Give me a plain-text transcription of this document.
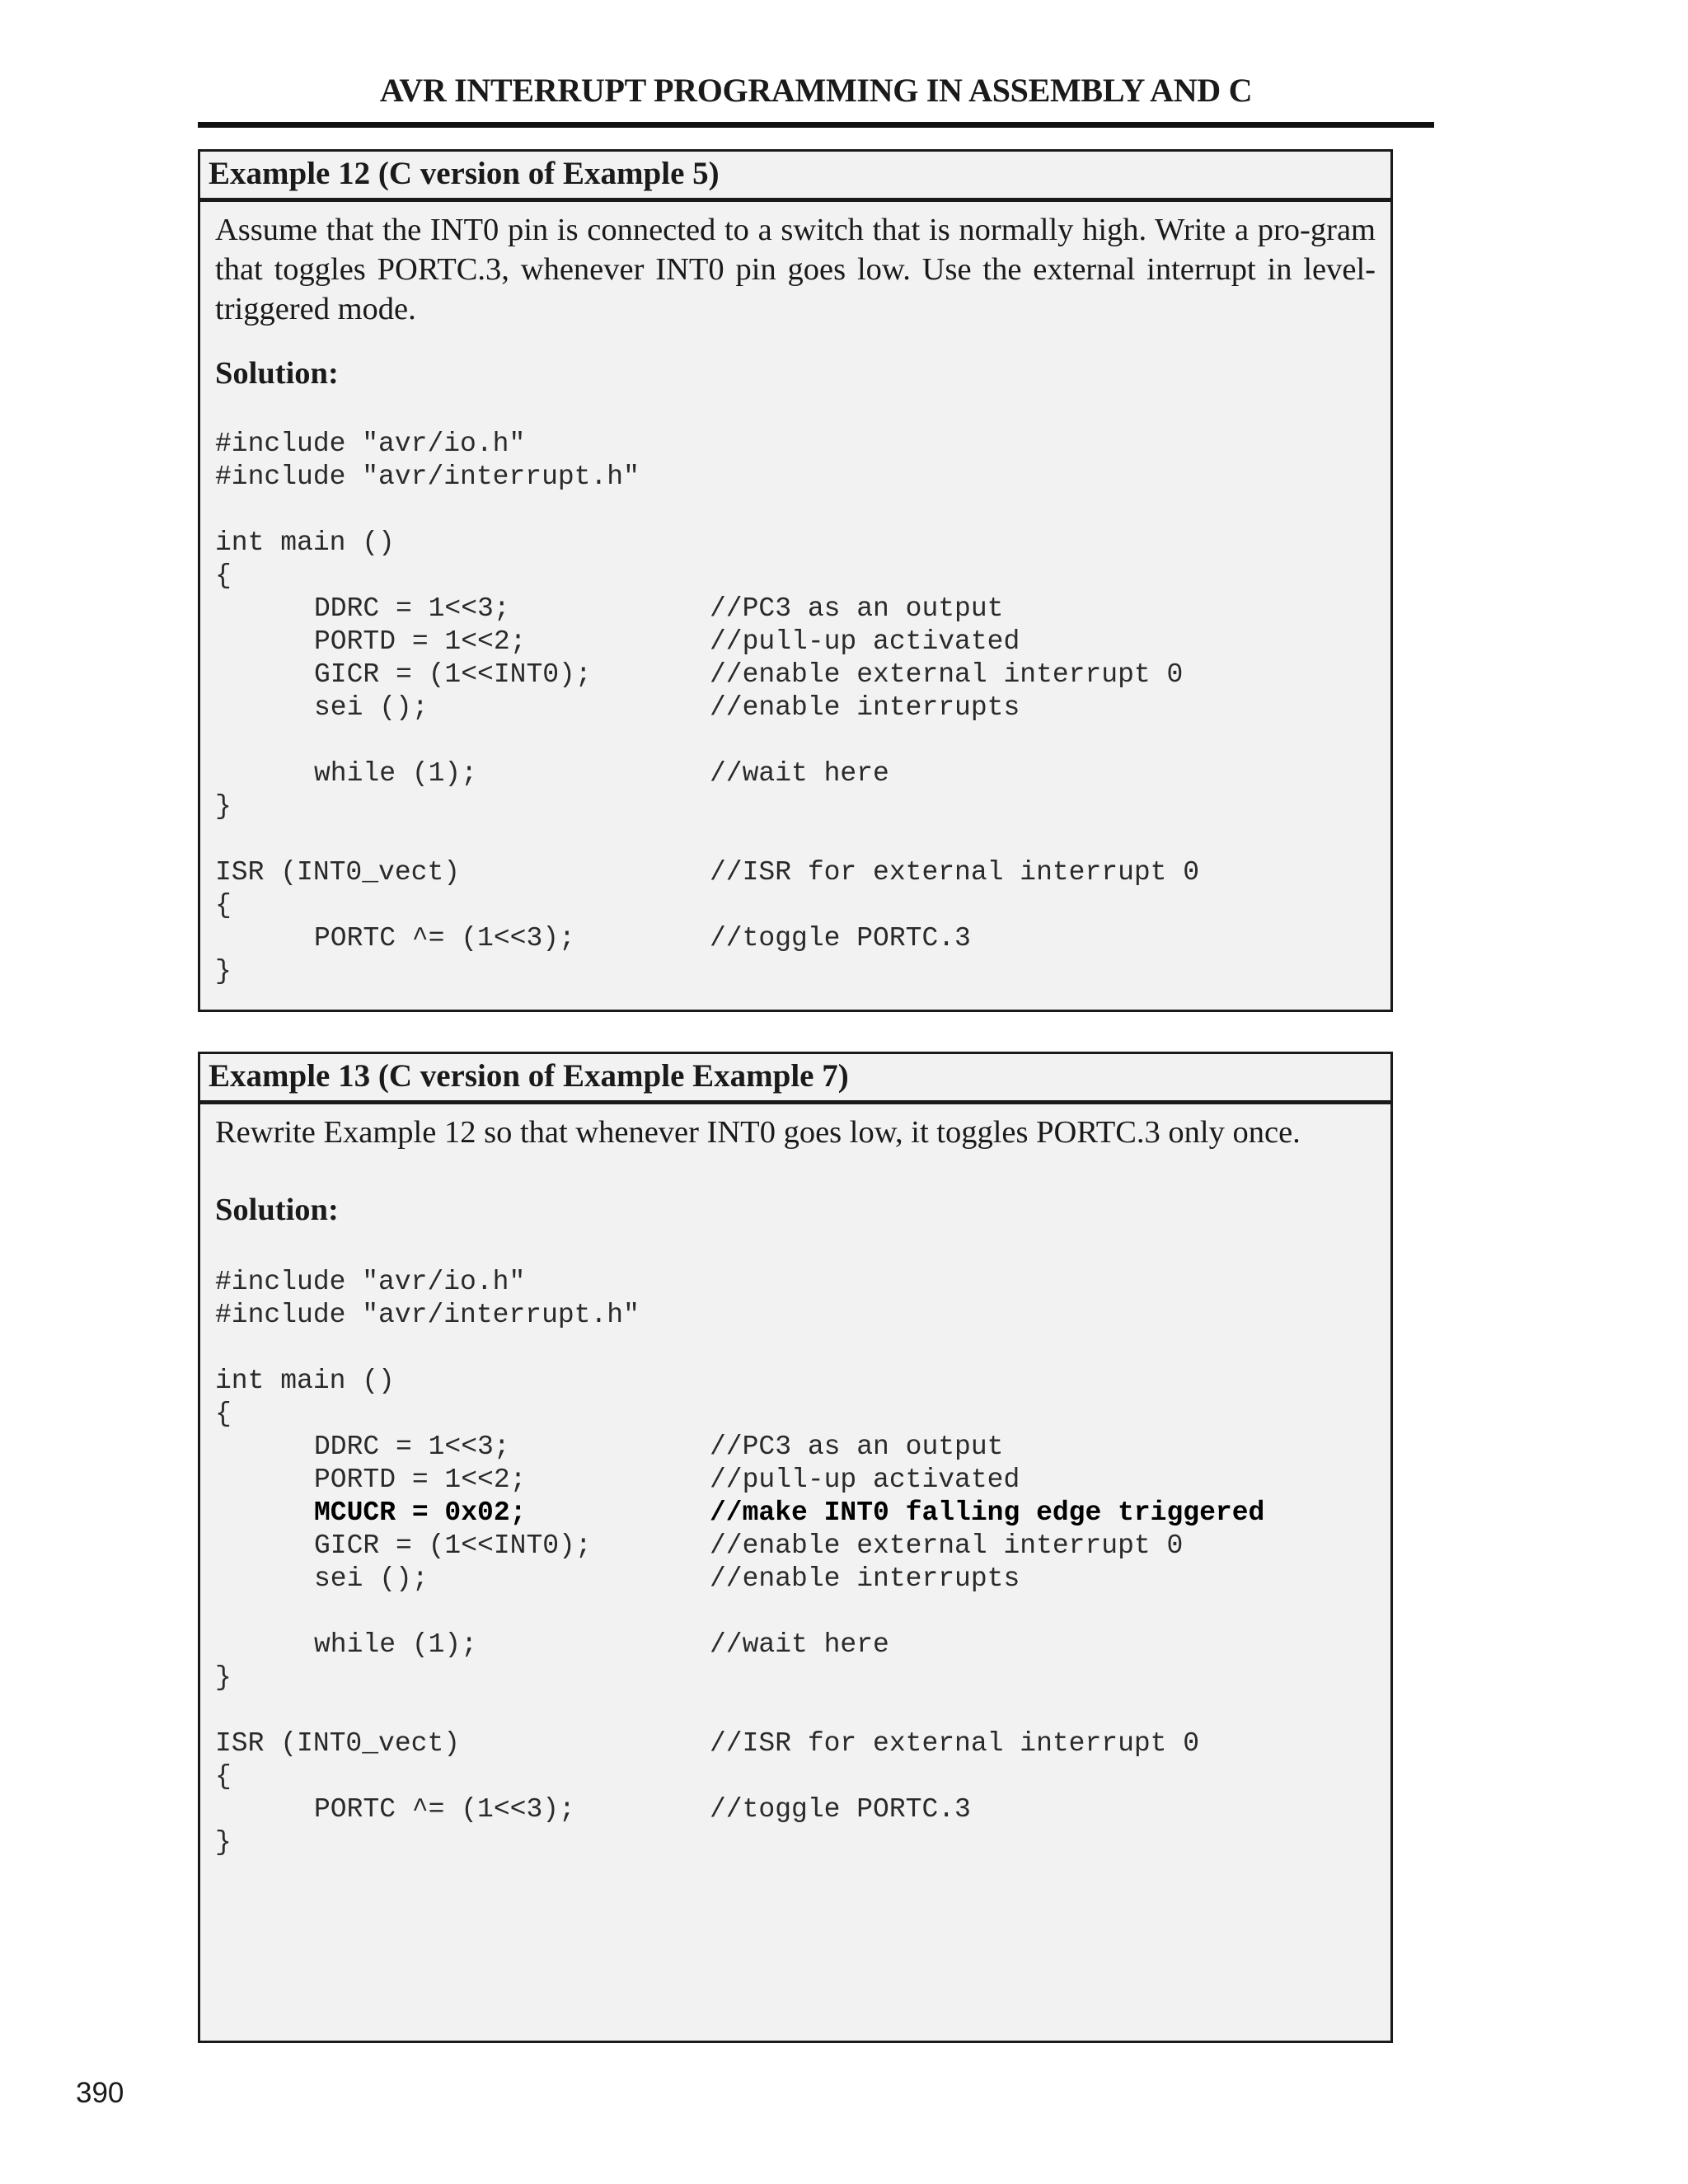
AVR INTERRUPT PROGRAMMING IN ASSEMBLY AND C
Example 12 (C version of Example 5)

Assume that the INT0 pin is connected to a switch that is normally high. Write a pro-gram that toggles PORTC.3, whenever INT0 pin goes low. Use the external interrupt in level-triggered mode.

Solution:

#include "avr/io.h"
#include "avr/interrupt.h"

int main ()
{
DDRC = 1<<3;	//PC3 as an output
PORTD = 1<<2;	//pull-up activated
GICR = (1<<INT0);	//enable external interrupt 0
sei ();	//enable interrupts

while (1);	//wait here
}

ISR (INT0_vect)	//ISR for external interrupt 0
{
PORTC ^= (1<<3);	//toggle PORTC.3
}
Example 13 (C version of Example Example 7)

Rewrite Example 12 so that whenever INT0 goes low, it toggles PORTC.3 only once.

Solution:

#include "avr/io.h"
#include "avr/interrupt.h"

int main ()
{
DDRC = 1<<3;	//PC3 as an output
PORTD = 1<<2;	//pull-up activated
MCUCR = 0x02;	//make INT0 falling edge triggered
GICR = (1<<INT0);	//enable external interrupt 0
sei ();	//enable interrupts

while (1);	//wait here
}

ISR (INT0_vect)	//ISR for external interrupt 0
{
PORTC ^= (1<<3);	//toggle PORTC.3
}
390
